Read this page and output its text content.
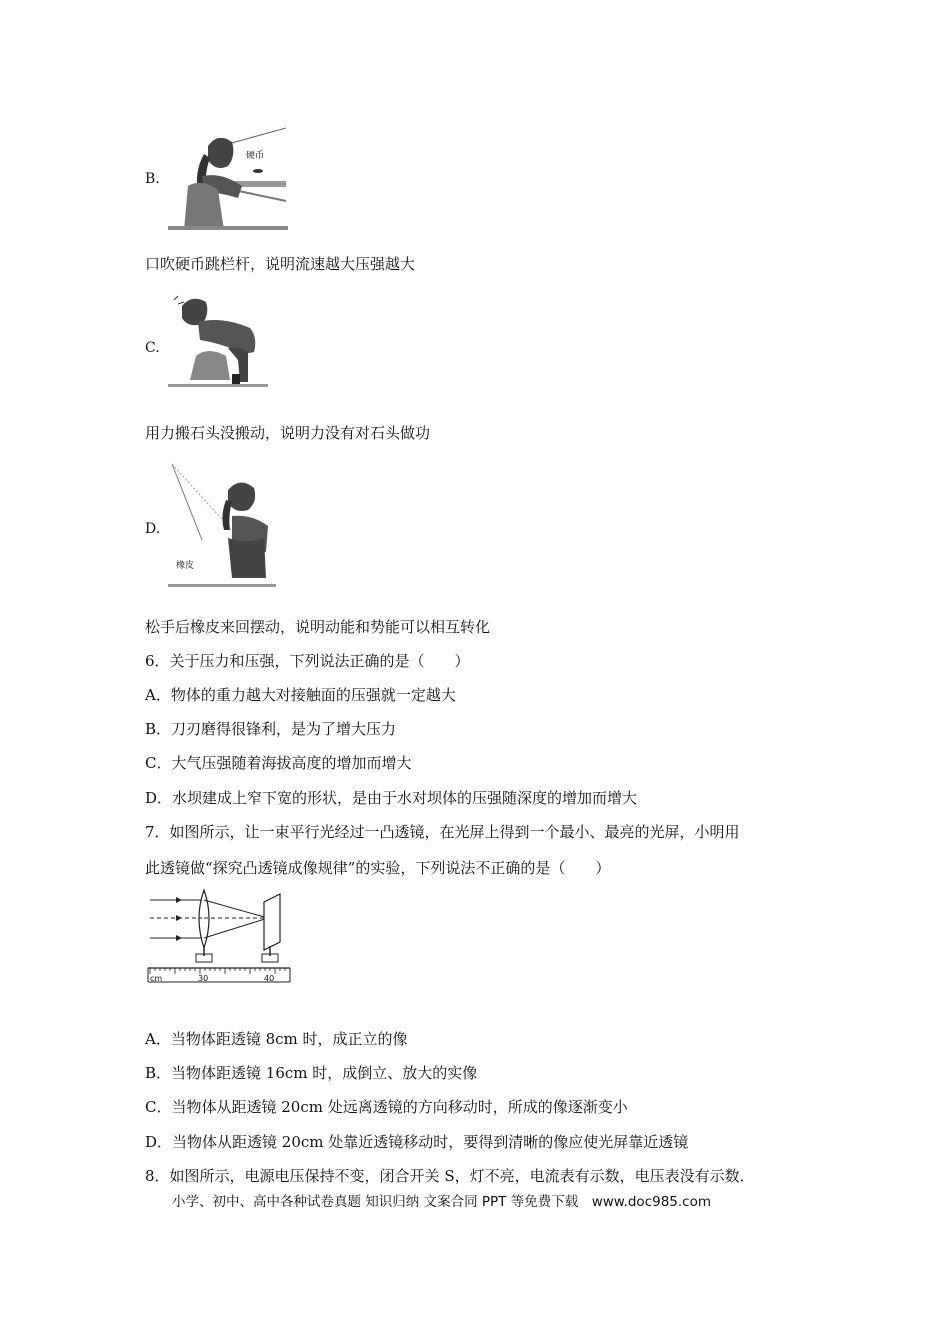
B.
硬币
口吹硬币跳栏杆，说明流速越大压强越大
C.
用力搬石头没搬动，说明力没有对石头做功
D.
橡皮
松手后橡皮来回摆动，说明动能和势能可以相互转化
6．关于压力和压强，下列说法正确的是（　　）
A．物体的重力越大对接触面的压强就一定越大
B．刀刃磨得很锋利，是为了增大压力
C．大气压强随着海拔高度的增加而增大
D．水坝建成上窄下宽的形状，是由于水对坝体的压强随深度的增加而增大
7．如图所示，让一束平行光经过一凸透镜，在光屏上得到一个最小、最亮的光屏，小明用
此透镜做“探究凸透镜成像规律”的实验，下列说法不正确的是（　　）
cm	30	40
A．当物体距透镜 8cm 时，成正立的像
B．当物体距透镜 16cm 时，成倒立、放大的实像
C．当物体从距透镜 20cm 处远离透镜的方向移动时，所成的像逐渐变小
D．当物体从距透镜 20cm 处靠近透镜移动时，要得到清晰的像应使光屏靠近透镜
8．如图所示，电源电压保持不变，闭合开关 S，灯不亮，电流表有示数，电压表没有示数．
小学、初中、高中各种试卷真题 知识归纳 文案合同 PPT 等免费下载　www.doc985.com
